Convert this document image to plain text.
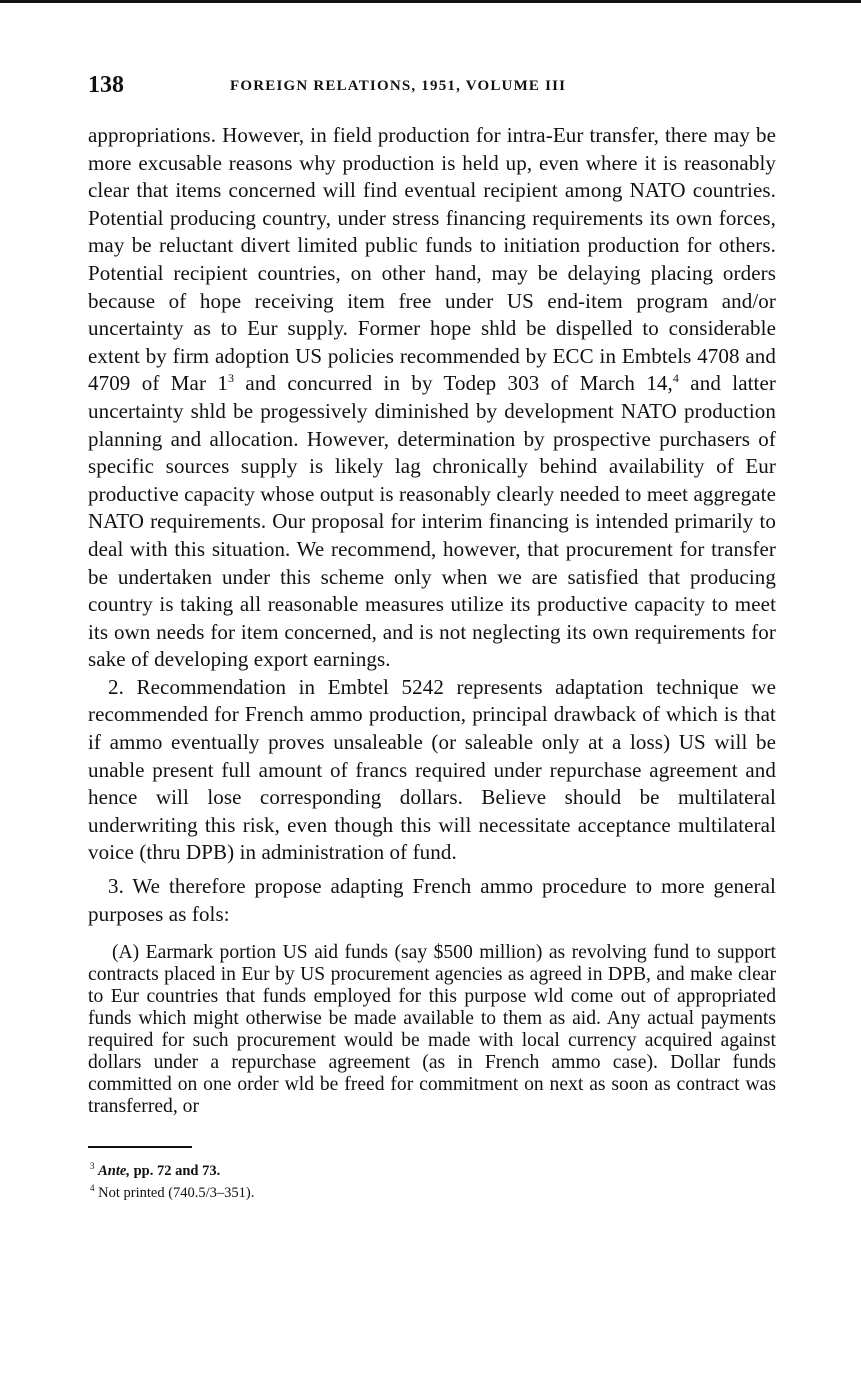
138	FOREIGN RELATIONS, 1951, VOLUME III

appropriations. However, in field production for intra-Eur transfer, there may be more excusable reasons why production is held up, even where it is reasonably clear that items concerned will find eventual recipient among NATO countries. Potential producing country, under stress financing requirements its own forces, may be reluctant divert limited public funds to initiation production for others. Potential recipient countries, on other hand, may be delaying placing orders because of hope receiving item free under US end-item program and/or uncertainty as to Eur supply. Former hope shld be dispelled to considerable extent by firm adoption US policies recommended by ECC in Embtels 4708 and 4709 of Mar 1$^3$ and concurred in by Todep 303 of March 14,$^4$ and latter uncertainty shld be progessively diminished by development NATO production planning and allocation. However, determination by prospective purchasers of specific sources supply is likely lag chronically behind availability of Eur productive capacity whose output is reasonably clearly needed to meet aggregate NATO requirements. Our proposal for interim financing is intended primarily to deal with this situation. We recommend, however, that procurement for transfer be undertaken under this scheme only when we are satisfied that producing country is taking all reasonable measures utilize its productive capacity to meet its own needs for item concerned, and is not neglecting its own requirements for sake of developing export earnings.

2. Recommendation in Embtel 5242 represents adaptation technique we recommended for French ammo production, principal drawback of which is that if ammo eventually proves unsaleable (or saleable only at a loss) US will be unable present full amount of francs required under repurchase agreement and hence will lose corresponding dollars. Believe should be multilateral underwriting this risk, even though this will necessitate acceptance multilateral voice (thru DPB) in administration of fund.

3. We therefore propose adapting French ammo procedure to more general purposes as fols:

(A) Earmark portion US aid funds (say $500 million) as revolving fund to support contracts placed in Eur by US procurement agencies as agreed in DPB, and make clear to Eur countries that funds employed for this purpose wld come out of appropriated funds which might otherwise be made available to them as aid. Any actual payments required for such procurement would be made with local currency acquired against dollars under a repurchase agreement (as in French ammo case). Dollar funds committed on one order wld be freed for commitment on next as soon as contract was transferred, or

$^3$ Ante, pp. 72 and 73.

$^4$ Not printed (740.5/3–351).
